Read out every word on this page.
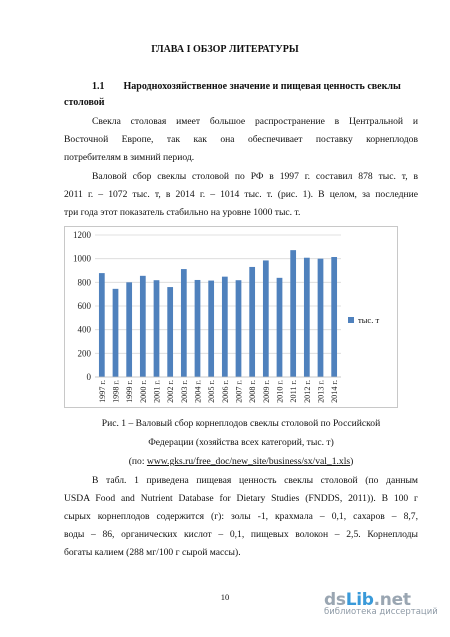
ГЛАВА I ОБЗОР ЛИТЕРАТУРЫ
1.1 Народнохозяйственное значение и пищевая ценность свеклы
столовой
Свекла столовая имеет большое распространение в Центральной и
Восточной Европе, так как она обеспечивает поставку корнеплодов
потребителям в зимний период.
Валовой сбор свеклы столовой по РФ в 1997 г. составил 878 тыс. т, в
2011 г. – 1072 тыс. т, в 2014 г. – 1014 тыс. т. (рис. 1). В целом, за последние
три года этот показатель стабильно на уровне 1000 тыс. т.
0
200
400
600
800
1000
1200
1997 г. 1998 г. 1999 г. 2000 г. 2001 г. 2002 г. 2003 г. 2004 г. 2005 г. 2006 г. 2007 г. 2008 г. 2009 г. 2010 г. 2011 г. 2012 г. 2013 г. 2014 г.
тыс. т
Рис. 1 – Валовый сбор корнеплодов свеклы столовой по Российской
Федерации (хозяйства всех категорий, тыс. т)
(по: www.gks.ru/free_doc/new_site/business/sx/val_1.xls)
В табл. 1 приведена пищевая ценность свеклы столовой (по данным
USDA Food and Nutrient Database for Dietary Studies (FNDDS, 2011)). В 100 г
сырых корнеплодов содержится (г): золы -1, крахмала – 0,1, сахаров – 8,7,
воды – 86, органических кислот – 0,1, пищевых волокон – 2,5. Корнеплоды
богаты калием (288 мг/100 г сырой массы).
10	dsLib.net
библиотека диссертаций
